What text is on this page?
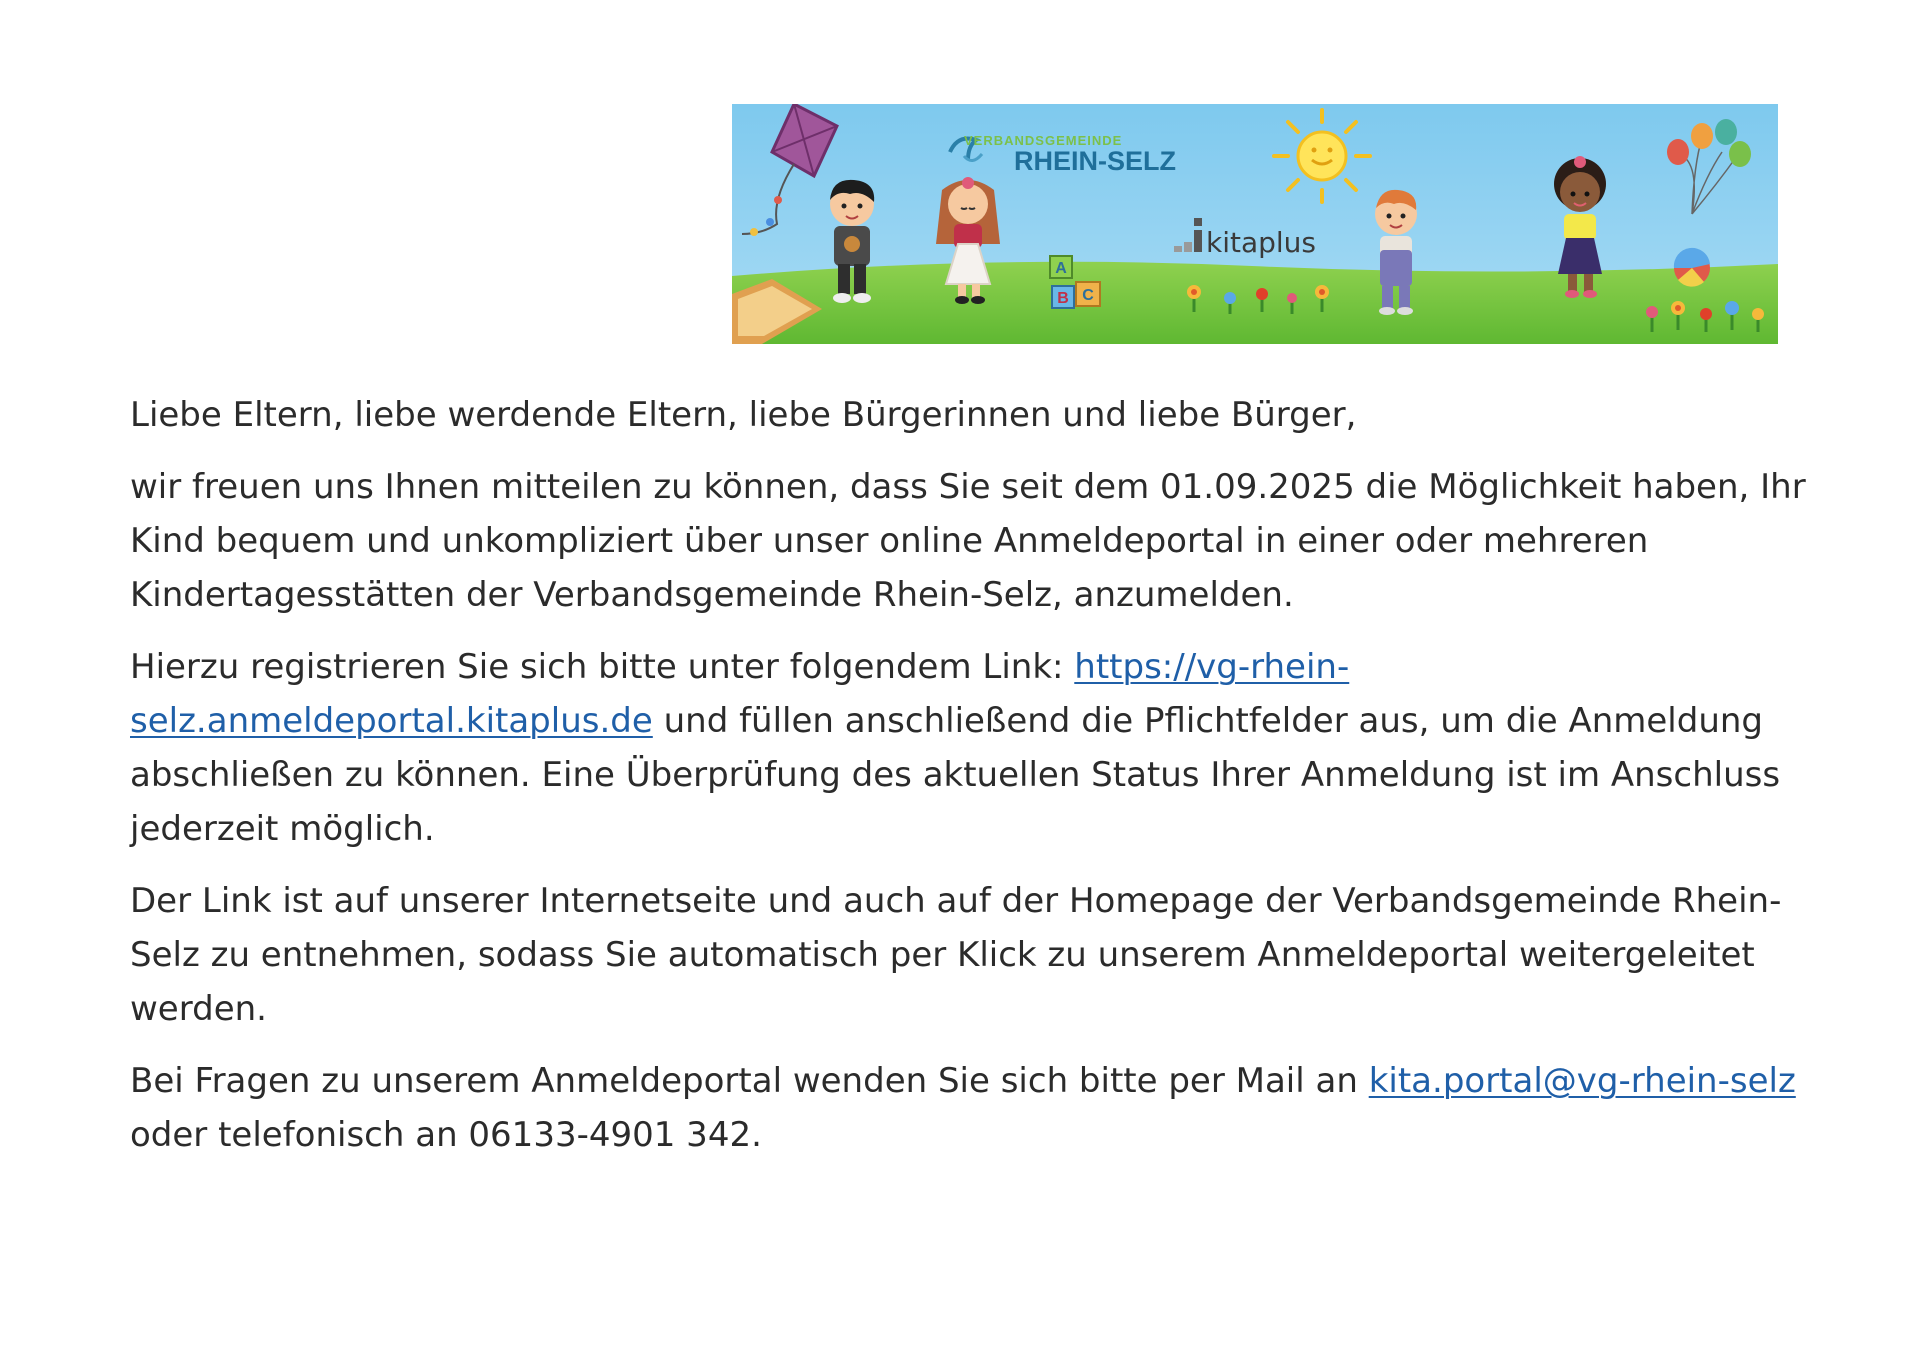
A
B C
VERBANDSGEMEINDE
RHEIN-SELZ
kitaplus

Liebe Eltern, liebe werdende Eltern, liebe Bürgerinnen und liebe Bürger,

wir freuen uns Ihnen mitteilen zu können, dass Sie seit dem 01.09.2025 die Möglichkeit haben, Ihr Kind bequem und unkompliziert über unser online Anmeldeportal in einer oder mehreren Kindertagesstätten der Verbandsgemeinde Rhein-Selz, anzumelden.

Hierzu registrieren Sie sich bitte unter folgendem Link: https://vg-rhein-selz.anmeldeportal.kitaplus.de und füllen anschließend die Pflichtfelder aus, um die Anmeldung abschließen zu können. Eine Überprüfung des aktuellen Status Ihrer Anmeldung ist im Anschluss jederzeit möglich.

Der Link ist auf unserer Internetseite und auch auf der Homepage der Verbandsgemeinde Rhein-Selz zu entnehmen, sodass Sie automatisch per Klick zu unserem Anmeldeportal weitergeleitet werden.

Bei Fragen zu unserem Anmeldeportal wenden Sie sich bitte per Mail an kita.portal@vg-rhein-selz oder telefonisch an 06133-4901 342.
